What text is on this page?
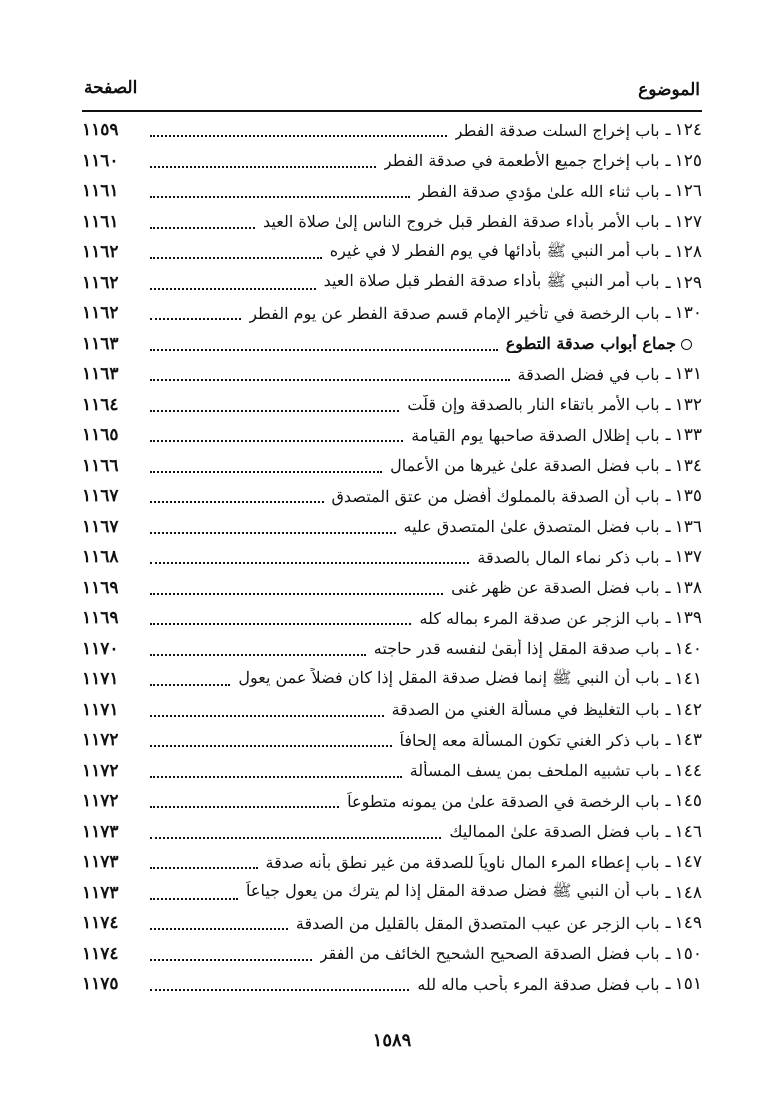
الموضوع
الصفحة
١١٥٩	باب إخراج السلت صدقة الفطر ـ ١٢٤
١١٦٠	باب إخراج جميع الأطعمة في صدقة الفطر ـ ١٢٥
١١٦١	باب ثناء الله علىٰ مؤدي صدقة الفطر ـ ١٢٦
١١٦١	باب الأمر بأداء صدقة الفطر قبل خروج الناس إلىٰ صلاة العيد ـ ١٢٧
١١٦٢	باب أمر النبي ﷺ بأدائها في يوم الفطر لا في غيره ـ ١٢٨
١١٦٢	باب أمر النبي ﷺ بأداء صدقة الفطر قبل صلاة العيد ـ ١٢٩
١١٦٢	باب الرخصة في تأخير الإمام قسم صدقة الفطر عن يوم الفطر ـ ١٣٠
١١٦٣	جماع أبواب صدقة التطوع
١١٦٣	باب في فضل الصدقة ـ ١٣١
١١٦٤	باب الأمر باتقاء النار بالصدقة وإن قلّت ـ ١٣٢
١١٦٥	باب إظلال الصدقة صاحبها يوم القيامة ـ ١٣٣
١١٦٦	باب فضل الصدقة علىٰ غيرها من الأعمال ـ ١٣٤
١١٦٧	باب أن الصدقة بالمملوك أفضل من عتق المتصدق ـ ١٣٥
١١٦٧	باب فضل المتصدق علىٰ المتصدق عليه ـ ١٣٦
١١٦٨	باب ذكر نماء المال بالصدقة ـ ١٣٧
١١٦٩	باب فضل الصدقة عن ظهر غنى ـ ١٣٨
١١٦٩	باب الزجر عن صدقة المرء بماله كله ـ ١٣٩
١١٧٠	باب صدقة المقل إذا أبقىٰ لنفسه قدر حاجته ـ ١٤٠
١١٧١	باب أن النبي ﷺ إنما فضل صدقة المقل إذا كان فضلاً عمن يعول ـ ١٤١
١١٧١	باب التغليظ في مسألة الغني من الصدقة ـ ١٤٢
١١٧٢	باب ذكر الغني تكون المسألة معه إلحافاً ـ ١٤٣
١١٧٢	باب تشبيه الملحف بمن يسف المسألة ـ ١٤٤
١١٧٢	باب الرخصة في الصدقة علىٰ من يمونه متطوعاً ـ ١٤٥
١١٧٣	باب فضل الصدقة علىٰ المماليك ـ ١٤٦
١١٧٣	باب إعطاء المرء المال ناوياً للصدقة من غير نطق بأنه صدقة ـ ١٤٧
١١٧٣	باب أن النبي ﷺ فضل صدقة المقل إذا لم يترك من يعول جياعاً ـ ١٤٨
١١٧٤	باب الزجر عن عيب المتصدق المقل بالقليل من الصدقة ـ ١٤٩
١١٧٤	باب فضل الصدقة الصحيح الشحيح الخائف من الفقر ـ ١٥٠
١١٧٥	باب فضل صدقة المرء بأحب ماله لله ـ ١٥١
١٥٨٩
